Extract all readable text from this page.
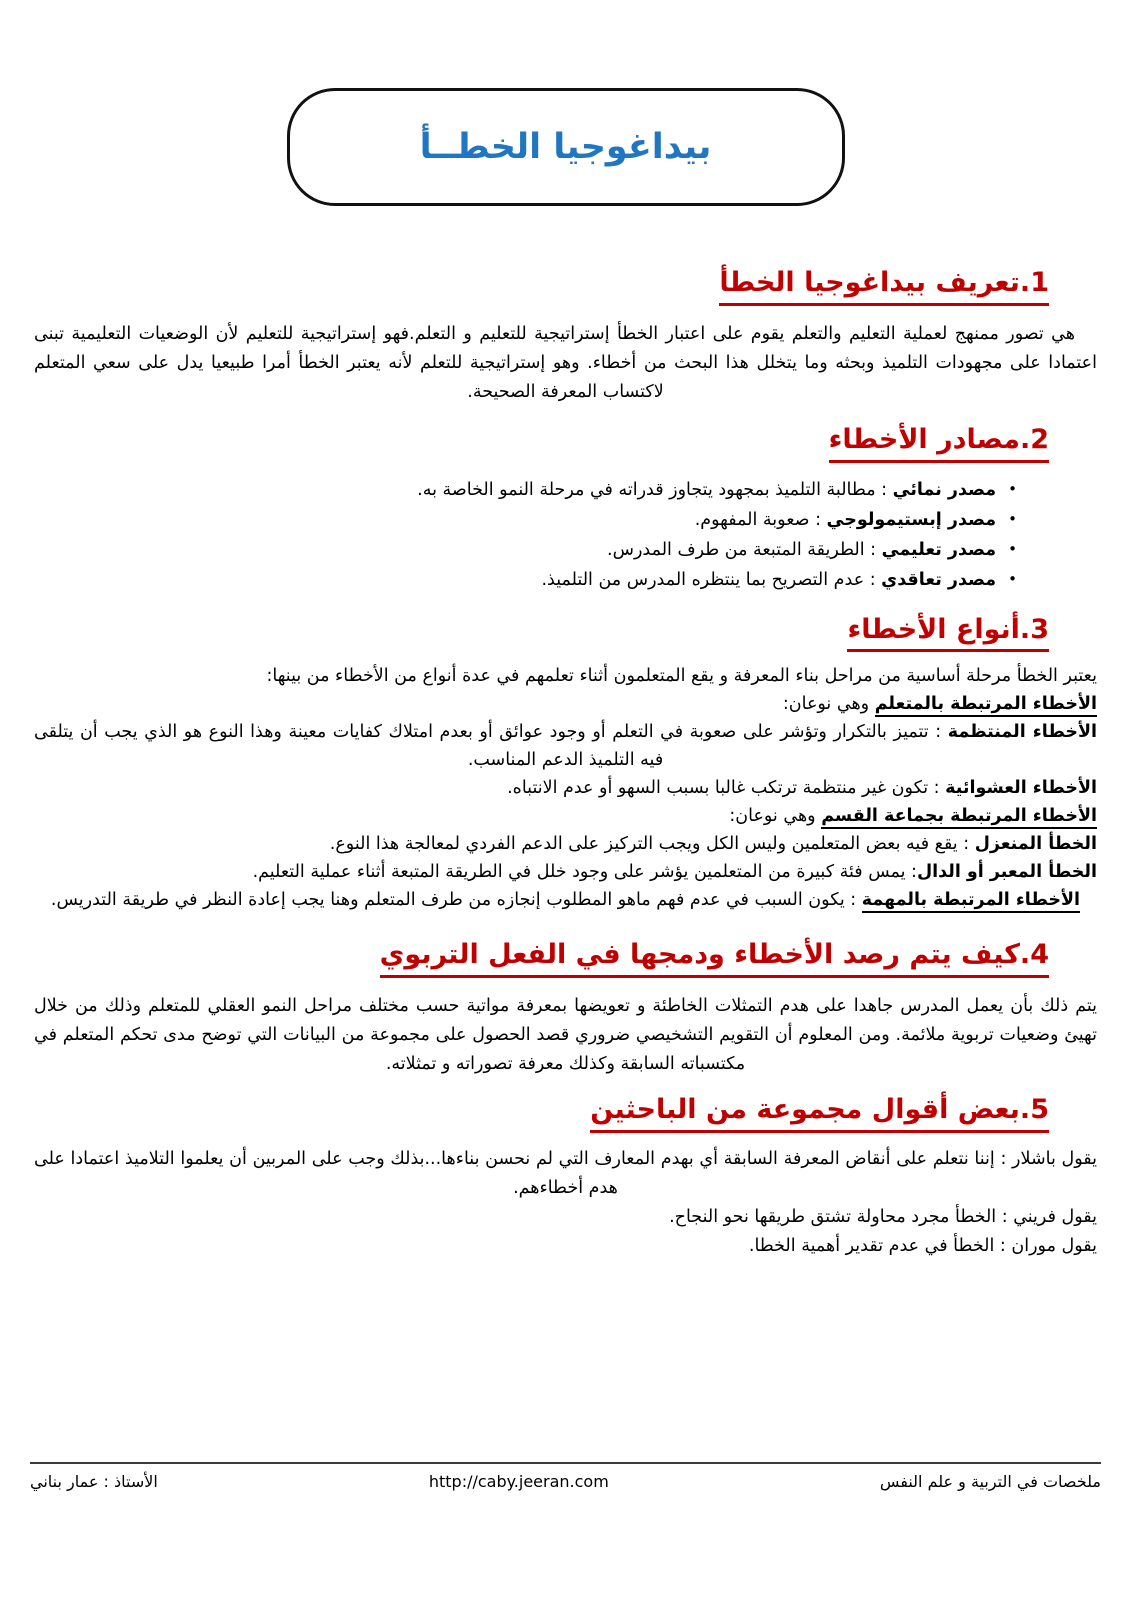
بيداغوجيا الخطــأ
1.تعريف بيداغوجيا الخطأ
هي تصور ممنهج لعملية التعليم والتعلم يقوم على اعتبار الخطأ إستراتيجية للتعليم و التعلم.فهو إستراتيجية للتعليم لأن الوضعيات التعليمية تبنى اعتمادا على مجهودات التلميذ وبحثه وما يتخلل هذا البحث من أخطاء. وهو إستراتيجية للتعلم لأنه يعتبر الخطأ أمرا طبيعيا يدل على سعي المتعلم لاكتساب المعرفة الصحيحة.
2.مصادر الأخطاء
•مصدر نمائي : مطالبة التلميذ بمجهود يتجاوز قدراته في مرحلة النمو الخاصة به.
•مصدر إبستيمولوجي : صعوبة المفهوم.
•مصدر تعليمي : الطريقة المتبعة من طرف المدرس.
•مصدر تعاقدي : عدم التصريح بما ينتظره المدرس من التلميذ.
3.أنواع الأخطاء
يعتبر الخطأ مرحلة أساسية من مراحل بناء المعرفة و يقع المتعلمون أثناء تعلمهم في عدة أنواع من الأخطاء من بينها:
الأخطاء المرتبطة بالمتعلم وهي نوعان:
الأخطاء المنتظمة : تتميز بالتكرار وتؤشر على صعوبة في التعلم أو وجود عوائق أو بعدم امتلاك كفايات معينة وهذا النوع هو الذي يجب أن يتلقى فيه التلميذ الدعم المناسب.
الأخطاء العشوائية : تكون غير منتظمة ترتكب غالبا بسبب السهو أو عدم الانتباه.
الأخطاء المرتبطة بجماعة القسم وهي نوعان:
الخطأ المنعزل : يقع فيه بعض المتعلمين وليس الكل ويجب التركيز على الدعم الفردي لمعالجة هذا النوع.
الخطأ المعبر أو الدال: يمس فئة كبيرة من المتعلمين يؤشر على وجود خلل في الطريقة المتبعة أثناء عملية التعليم.
الأخطاء المرتبطة بالمهمة : يكون السبب في عدم فهم ماهو المطلوب إنجازه من طرف المتعلم وهنا يجب إعادة النظر في طريقة التدريس.
4.كيف يتم رصد الأخطاء ودمجها في الفعل التربوي
يتم ذلك بأن يعمل المدرس جاهدا على هدم التمثلات الخاطئة و تعويضها بمعرفة مواتية حسب مختلف مراحل النمو العقلي للمتعلم وذلك من خلال تهيئ وضعيات تربوية ملائمة. ومن المعلوم أن التقويم التشخيصي ضروري قصد الحصول على مجموعة من البيانات التي توضح مدى تحكم المتعلم في مكتسباته السابقة وكذلك معرفة تصوراته و تمثلاته.
5.بعض أقوال مجموعة من الباحثين
يقول باشلار : إننا نتعلم على أنقاض المعرفة السابقة أي بهدم المعارف التي لم نحسن بناءها...بذلك وجب على المربين أن يعلموا التلاميذ اعتمادا على هدم أخطاءهم.
يقول فريني : الخطأ مجرد محاولة تشتق طريقها نحو النجاح.
يقول موران : الخطأ في عدم تقدير أهمية الخطا.
الأستاذ : عمار بناني	http://caby.jeeran.com	ملخصات في التربية و علم النفس
